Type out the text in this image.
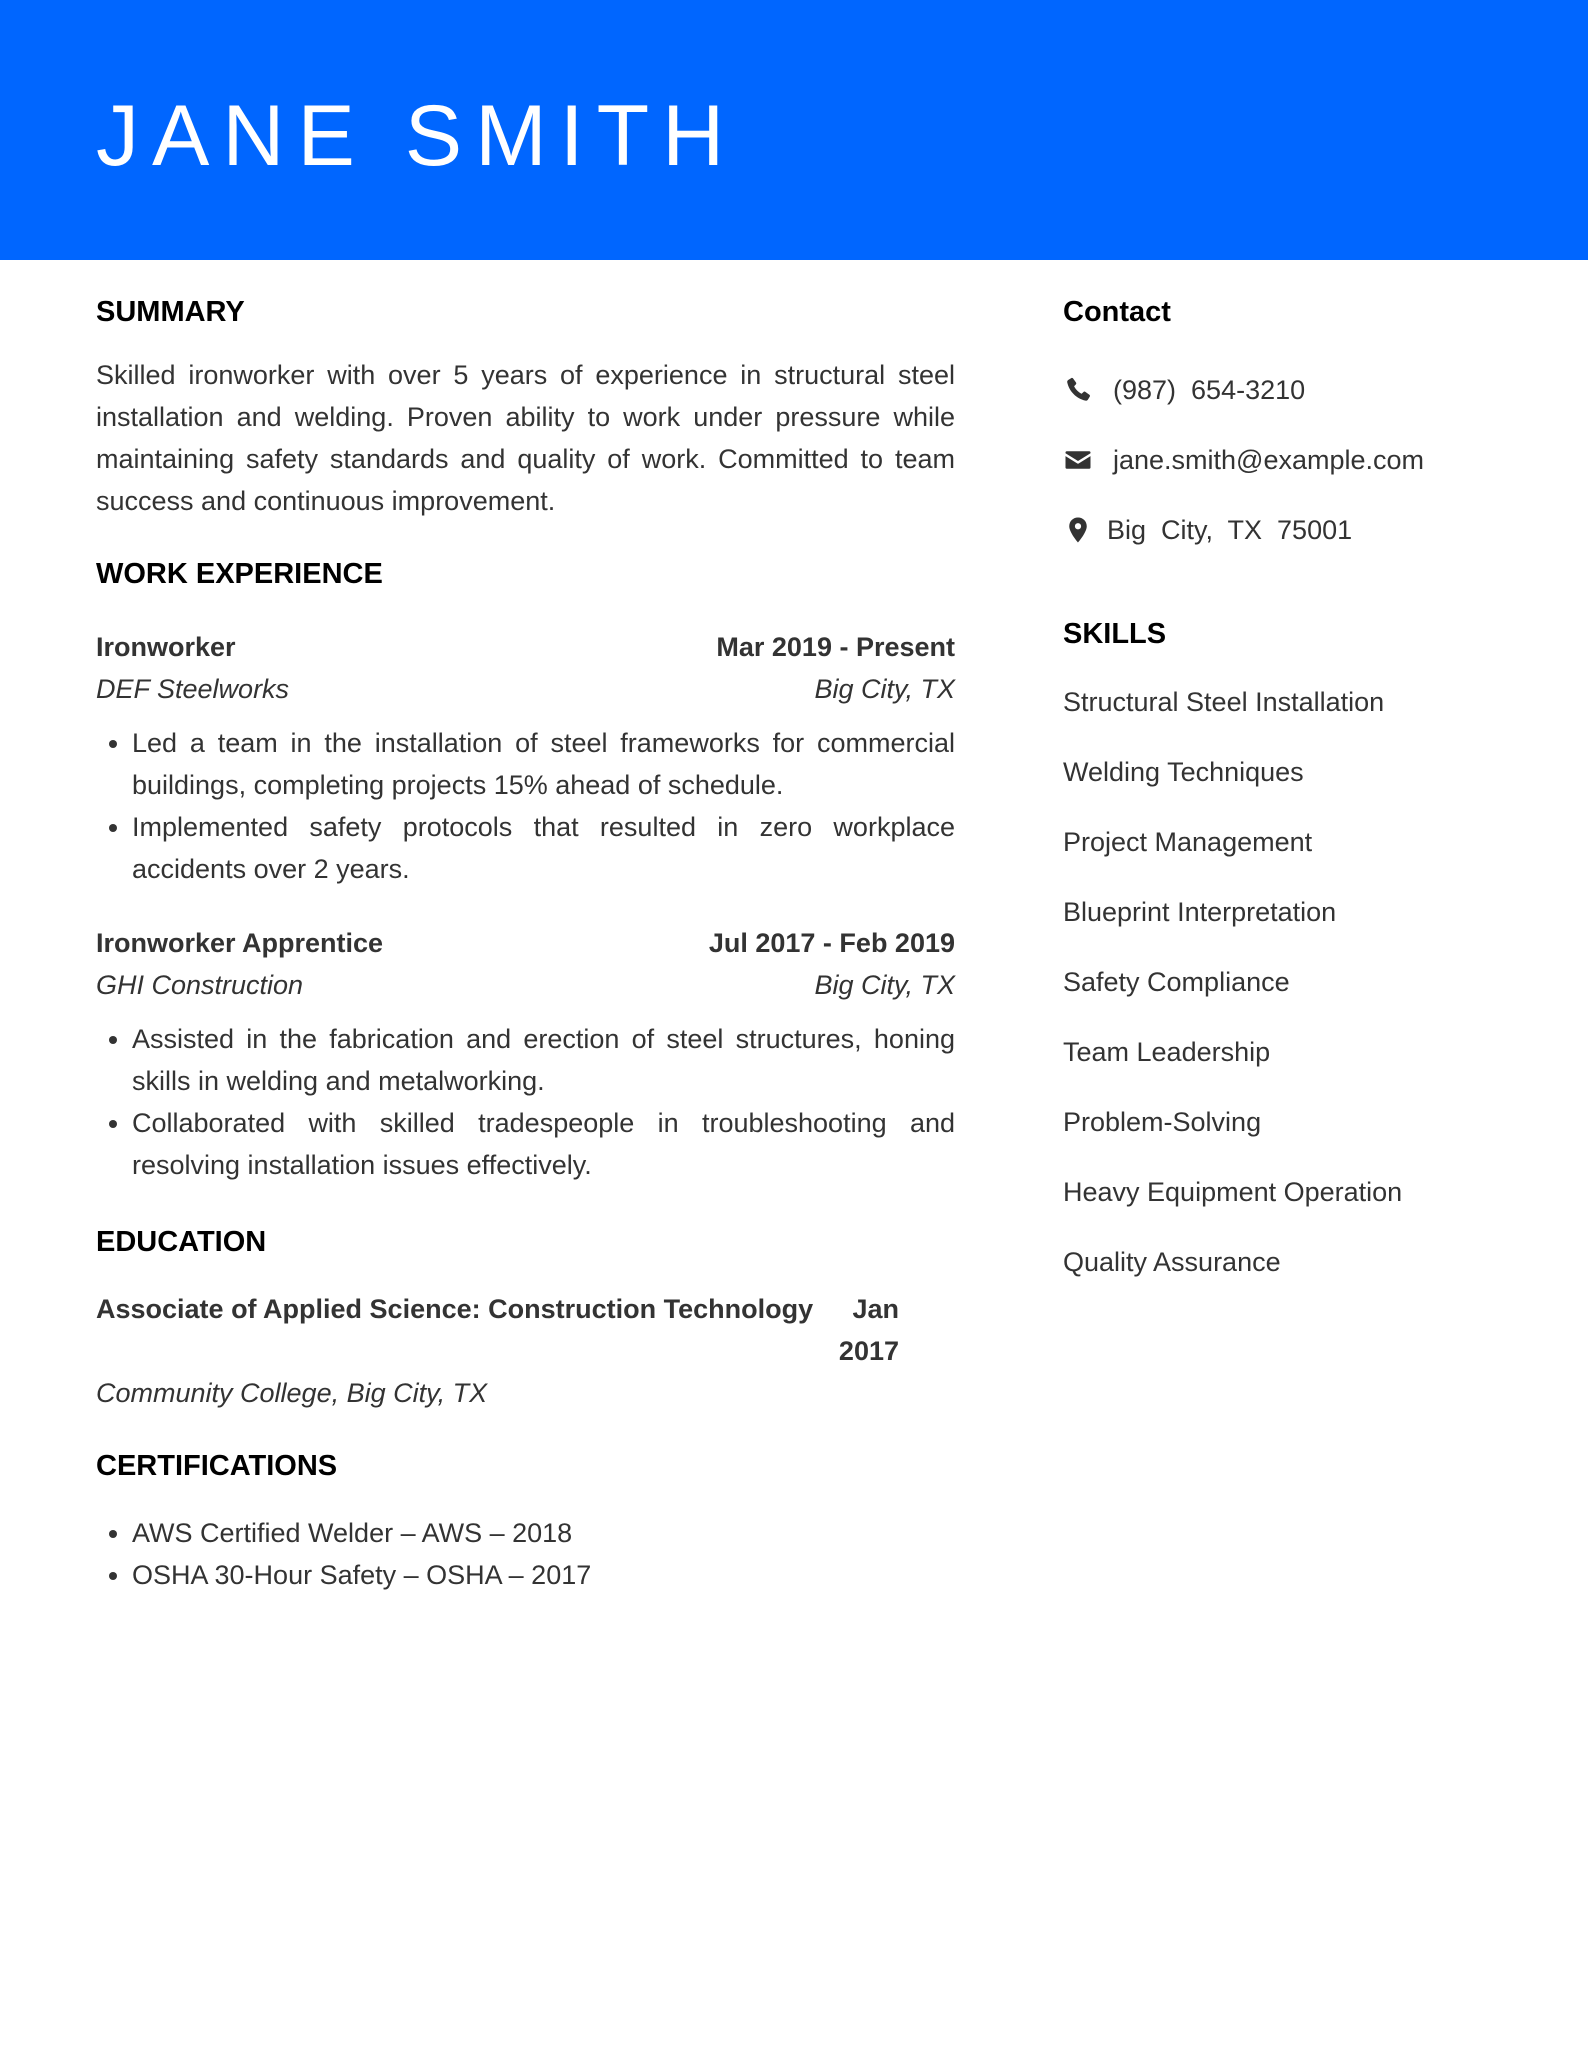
JANE SMITH
SUMMARY

Skilled ironworker with over 5 years of experience in structural steel installation and welding. Proven ability to work under pressure while maintaining safety standards and quality of work. Committed to team success and continuous improvement.

WORK EXPERIENCE
Ironworker	Mar 2019 - Present
DEF Steelworks	Big City, TX
• Led a team in the installation of steel frameworks for commercial buildings, completing projects 15% ahead of schedule.
• Implemented safety protocols that resulted in zero workplace accidents over 2 years.
Ironworker Apprentice	Jul 2017 - Feb 2019
GHI Construction	Big City, TX
• Assisted in the fabrication and erection of steel structures, honing skills in welding and metalworking.
• Collaborated with skilled tradespeople in troubleshooting and resolving installation issues effectively.
EDUCATION
Associate of Applied Science: Construction Technology	Jan 2017
Community College, Big City, TX
CERTIFICATIONS
• AWS Certified Welder – AWS – 2018
• OSHA 30-Hour Safety – OSHA – 2017
Contact
(987)  654-3210
jane.smith@example.com
Big  City,  TX  75001
SKILLS
Structural Steel Installation
Welding Techniques
Project Management
Blueprint Interpretation
Safety Compliance
Team Leadership
Problem-Solving
Heavy Equipment Operation
Quality Assurance
